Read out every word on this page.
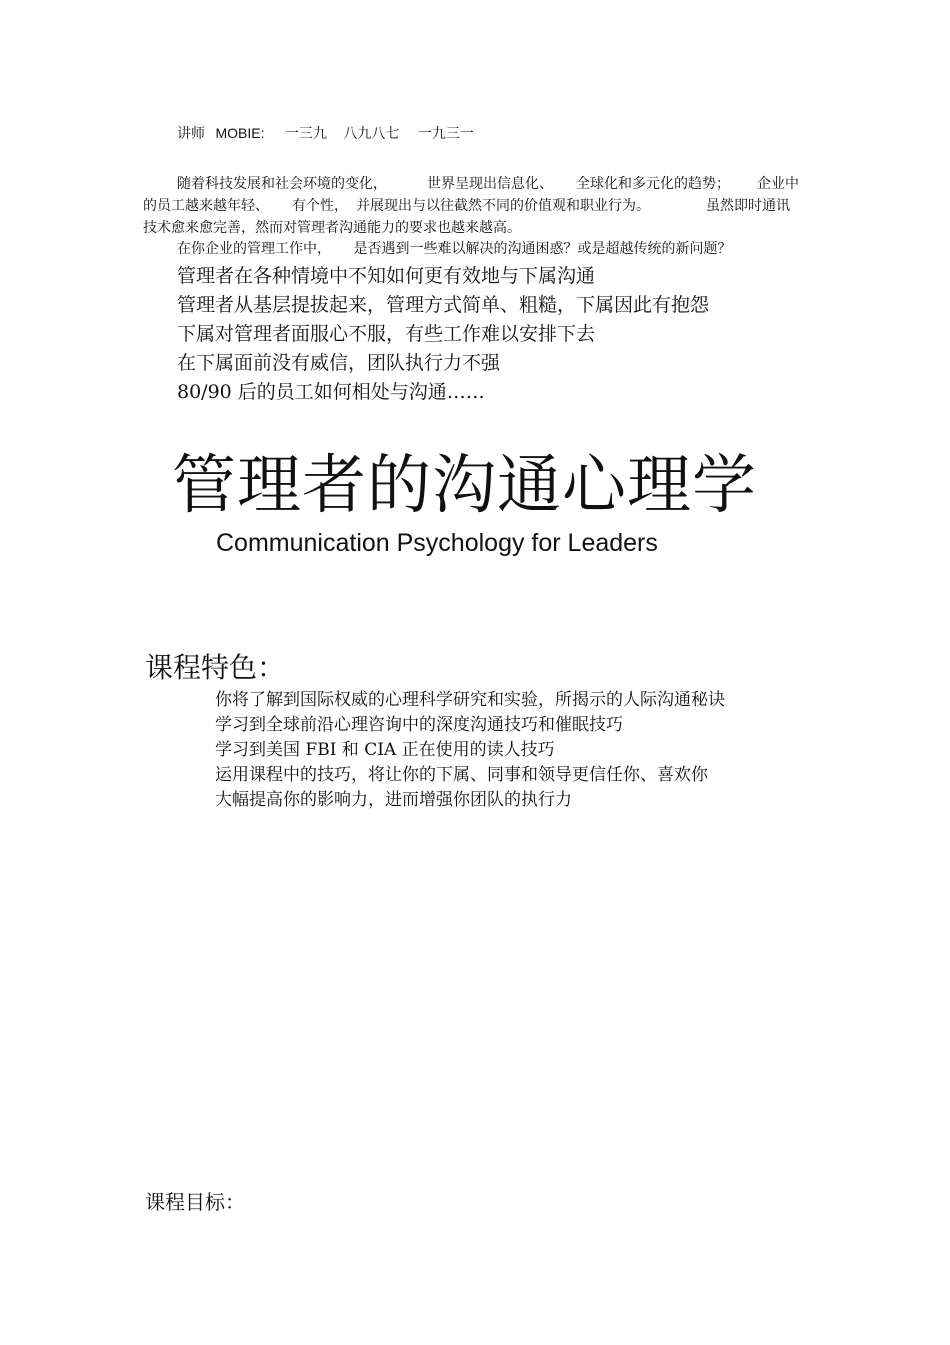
讲师 MOBIE: 一三九 八九八七 一九三一
随着科技发展和社会环境的变化，	世界呈现出信息化、 全球化和多元化的趋势； 企业中
的员工越来越年轻、 有个性， 并展现出与以往截然不同的价值观和职业行为。	虽然即时通讯
技术愈来愈完善，然而对管理者沟通能力的要求也越来越高。
在你企业的管理工作中， 是否遇到一些难以解决的沟通困惑？或是超越传统的新问题？
管理者在各种情境中不知如何更有效地与下属沟通
管理者从基层提拔起来，管理方式简单、粗糙，下属因此有抱怨
下属对管理者面服心不服，有些工作难以安排下去
在下属面前没有威信，团队执行力不强
80/90 后的员工如何相处与沟通……
管理者的沟通心理学
Communication Psychology for Leaders
课程特色：
你将了解到国际权威的心理科学研究和实验，所揭示的人际沟通秘诀
学习到全球前沿心理咨询中的深度沟通技巧和催眠技巧
学习到美国 FBI 和 CIA 正在使用的读人技巧
运用课程中的技巧，将让你的下属、同事和领导更信任你、喜欢你
大幅提高你的影响力，进而增强你团队的执行力
课程目标：
